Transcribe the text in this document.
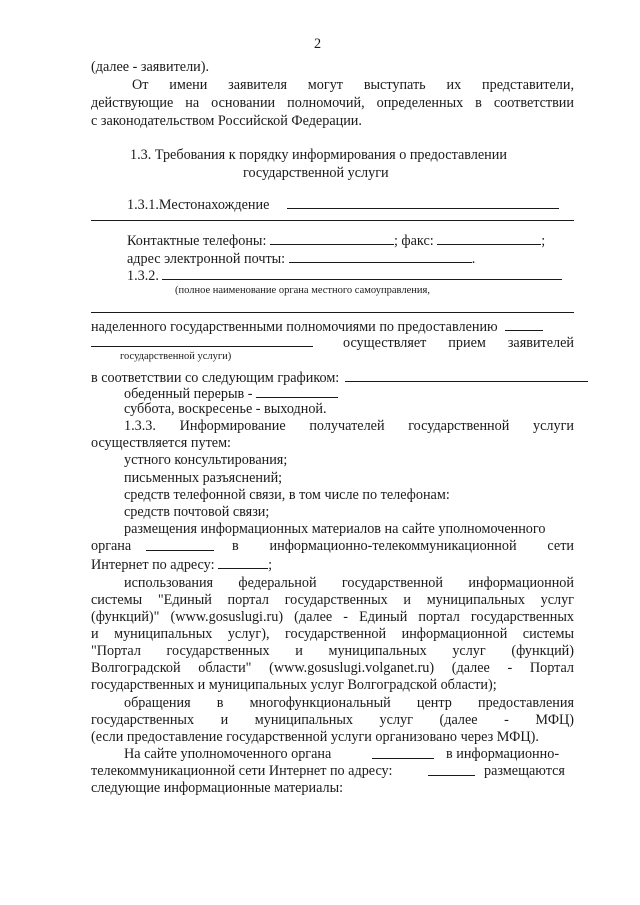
2
(далее - заявители).
От имени заявителя могут выступать их представители,
действующие на основании полномочий, определенных в соответствии
с законодательством Российской Федерации.
1.3. Требования к порядку информирования о предоставлении
государственной услуги
1.3.1.Местонахождение
Контактные телефоны:	; факс:	;
адрес электронной почты:	.
1.3.2.
(полное наименование органа местного самоуправления,
наделенного государственными полномочиями по предоставлению
осуществляет прием заявителей
государственной услуги)
в соответствии со следующим графиком:
обеденный перерыв -
суббота, воскресенье - выходной.
1.3.3. Информирование получателей государственной услуги
осуществляется путем:
устного консультирования;
письменных разъяснений;
средств телефонной связи, в том числе по телефонам:
средств почтовой связи;
размещения информационных материалов на сайте уполномоченного
органа	в информационно-телекоммуникационной сети
Интернет по адресу:	;
использования федеральной государственной информационной
системы "Единый портал государственных и муниципальных услуг
(функций)" (www.gosuslugi.ru) (далее - Единый портал государственных
и муниципальных услуг), государственной информационной системы
"Портал государственных и муниципальных услуг (функций)
Волгоградской области" (www.gosuslugi.volganet.ru) (далее - Портал
государственных и муниципальных услуг Волгоградской области);
обращения в многофункциональный центр предоставления
государственных и муниципальных услуг (далее - МФЦ)
(если предоставление государственной услуги организовано через МФЦ).
На сайте уполномоченного органа	в информационно-
телекоммуникационной сети Интернет по адресу:	размещаются
следующие информационные материалы:
